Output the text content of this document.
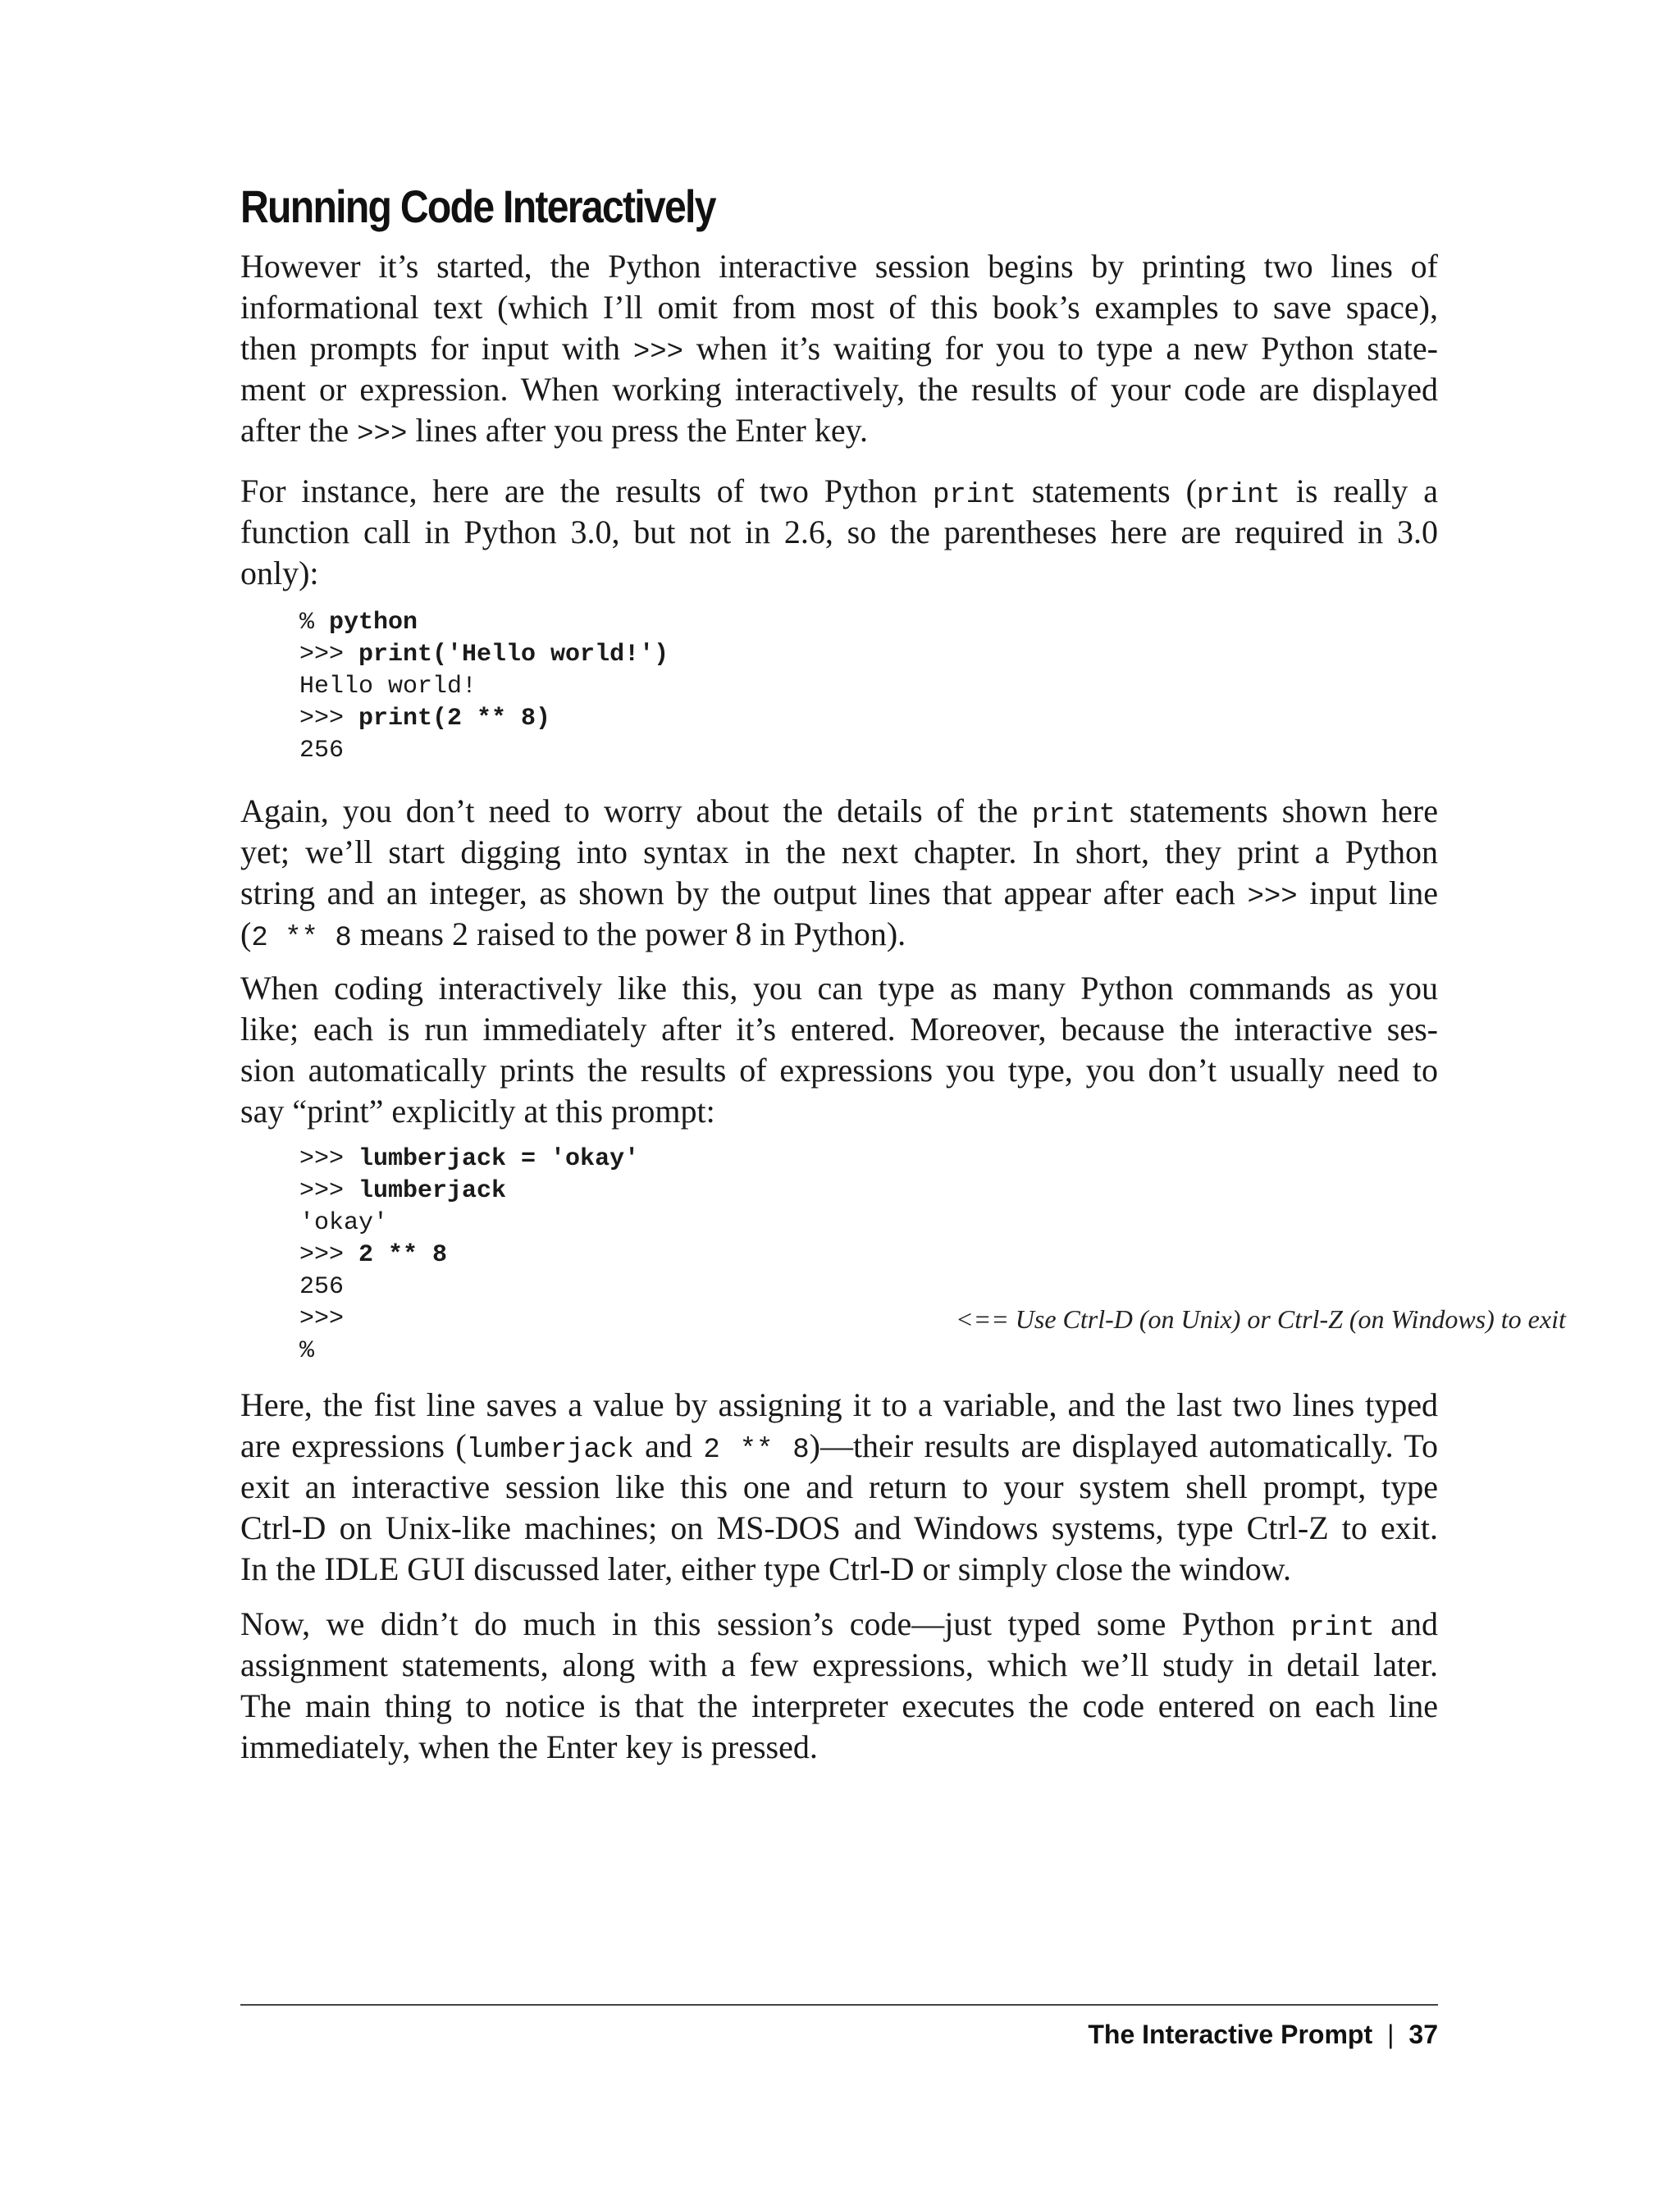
Running Code Interactively
However it’s started, the Python interactive session begins by printing two lines of
informational text (which I’ll omit from most of this book’s examples to save space),
then prompts for input with >>> when it’s waiting for you to type a new Python state-
ment or expression. When working interactively, the results of your code are displayed
after the >>> lines after you press the Enter key.
For instance, here are the results of two Python print statements (print is really a
function call in Python 3.0, but not in 2.6, so the parentheses here are required in 3.0
only):
% python
>>> print('Hello world!')
Hello world!
>>> print(2 ** 8)
256
Again, you don’t need to worry about the details of the print statements shown here
yet; we’ll start digging into syntax in the next chapter. In short, they print a Python
string and an integer, as shown by the output lines that appear after each >>> input line
(2 ** 8 means 2 raised to the power 8 in Python).
When coding interactively like this, you can type as many Python commands as you
like; each is run immediately after it’s entered. Moreover, because the interactive ses-
sion automatically prints the results of expressions you type, you don’t usually need to
say “print” explicitly at this prompt:
>>> lumberjack = 'okay'
>>> lumberjack
'okay'
>>> 2 ** 8
256
>>>	<== Use Ctrl-D (on Unix) or Ctrl-Z (on Windows) to exit
%
Here, the fist line saves a value by assigning it to a variable, and the last two lines typed
are expressions (lumberjack and 2 ** 8)—their results are displayed automatically. To
exit an interactive session like this one and return to your system shell prompt, type
Ctrl-D on Unix-like machines; on MS-DOS and Windows systems, type Ctrl-Z to exit.
In the IDLE GUI discussed later, either type Ctrl-D or simply close the window.
Now, we didn’t do much in this session’s code—just typed some Python print and
assignment statements, along with a few expressions, which we’ll study in detail later.
The main thing to notice is that the interpreter executes the code entered on each line
immediately, when the Enter key is pressed.
The Interactive Prompt | 37
